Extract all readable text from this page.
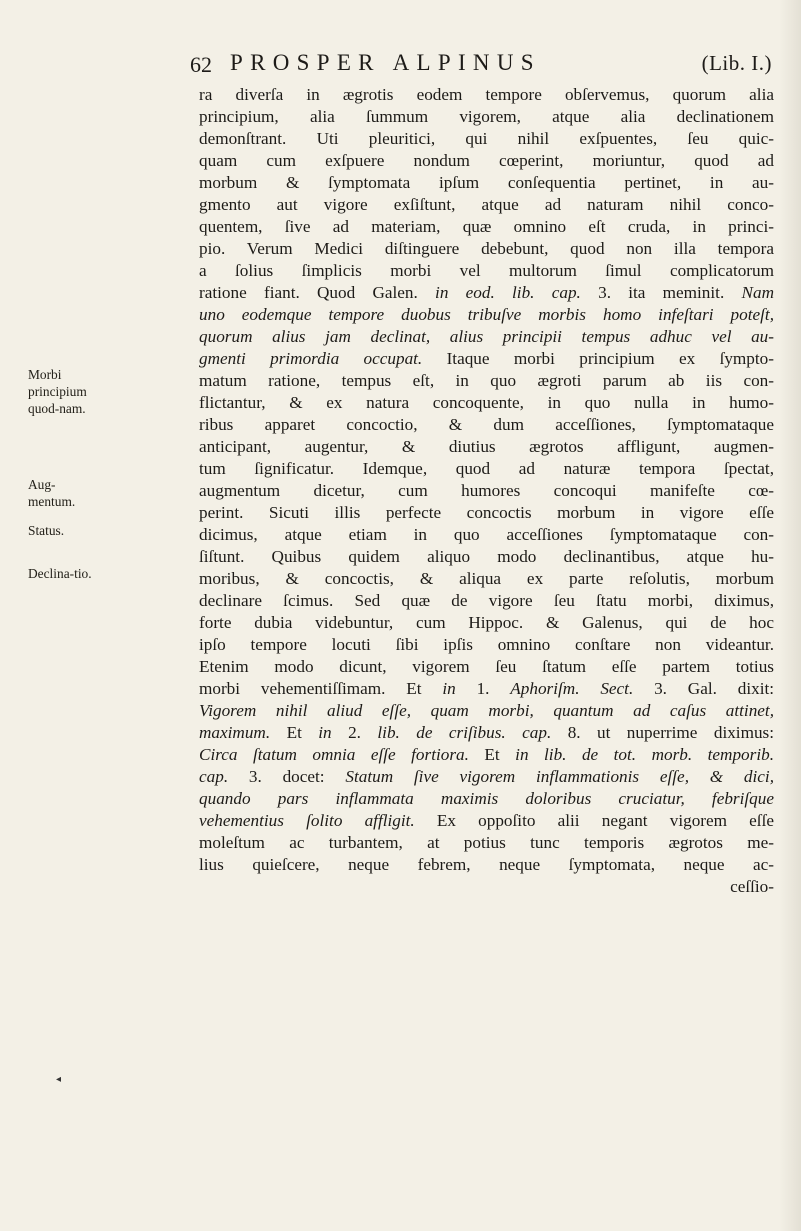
62 PROSPER ALPINUS	(Lib. I.)
Morbi principium quod-nam.
Aug-mentum.
Status.
Declina-tio.
◂
ra diverſa in ægrotis eodem tempore obſervemus, quorum alia
principium, alia ſummum vigorem, atque alia declinationem
demonſtrant. Uti pleuritici, qui nihil exſpuentes, ſeu quic-
quam cum exſpuere nondum cœperint, moriuntur, quod ad
morbum & ſymptomata ipſum conſequentia pertinet, in au-
gmento aut vigore exſiſtunt, atque ad naturam nihil conco-
quentem, ſive ad materiam, quæ omnino eſt cruda, in princi-
pio. Verum Medici diſtinguere debebunt, quod non illa tempora
a ſolius ſimplicis morbi vel multorum ſimul complicatorum
ratione fiant. Quod Galen. in eod. lib. cap. 3. ita meminit. Nam
uno eodemque tempore duobus tribuſve morbis homo infeſtari poteſt,
quorum alius jam declinat, alius principii tempus adhuc vel au-
gmenti primordia occupat. Itaque morbi principium ex ſympto-
matum ratione, tempus eſt, in quo ægroti parum ab iis con-
flictantur, & ex natura concoquente, in quo nulla in humo-
ribus apparet concoctio, & dum acceſſiones, ſymptomataque
anticipant, augentur, & diutius ægrotos affligunt, augmen-
tum ſignificatur. Idemque, quod ad naturæ tempora ſpectat,
augmentum dicetur, cum humores concoqui manifeſte cœ-
perint. Sicuti illis perfecte concoctis morbum in vigore eſſe
dicimus, atque etiam in quo acceſſiones ſymptomataque con-
ſiſtunt. Quibus quidem aliquo modo declinantibus, atque hu-
moribus, & concoctis, & aliqua ex parte reſolutis, morbum
declinare ſcimus. Sed quæ de vigore ſeu ſtatu morbi, diximus,
forte dubia videbuntur, cum Hippoc. & Galenus, qui de hoc
ipſo tempore locuti ſibi ipſis omnino conſtare non videantur.
Etenim modo dicunt, vigorem ſeu ſtatum eſſe partem totius
morbi vehementiſſimam. Et in 1. Aphoriſm. Sect. 3. Gal. dixit:
Vigorem nihil aliud eſſe, quam morbi, quantum ad caſus attinet,
maximum. Et in 2. lib. de criſibus. cap. 8. ut nuperrime diximus:
Circa ſtatum omnia eſſe fortiora. Et in lib. de tot. morb. temporib.
cap. 3. docet: Statum ſive vigorem inflammationis eſſe, & dici,
quando pars inflammata maximis doloribus cruciatur, febriſque
vehementius ſolito affligit. Ex oppoſito alii negant vigorem eſſe
moleſtum ac turbantem, at potius tunc temporis ægrotos me-
lius quieſcere, neque febrem, neque ſymptomata, neque ac-
ceſſio-
